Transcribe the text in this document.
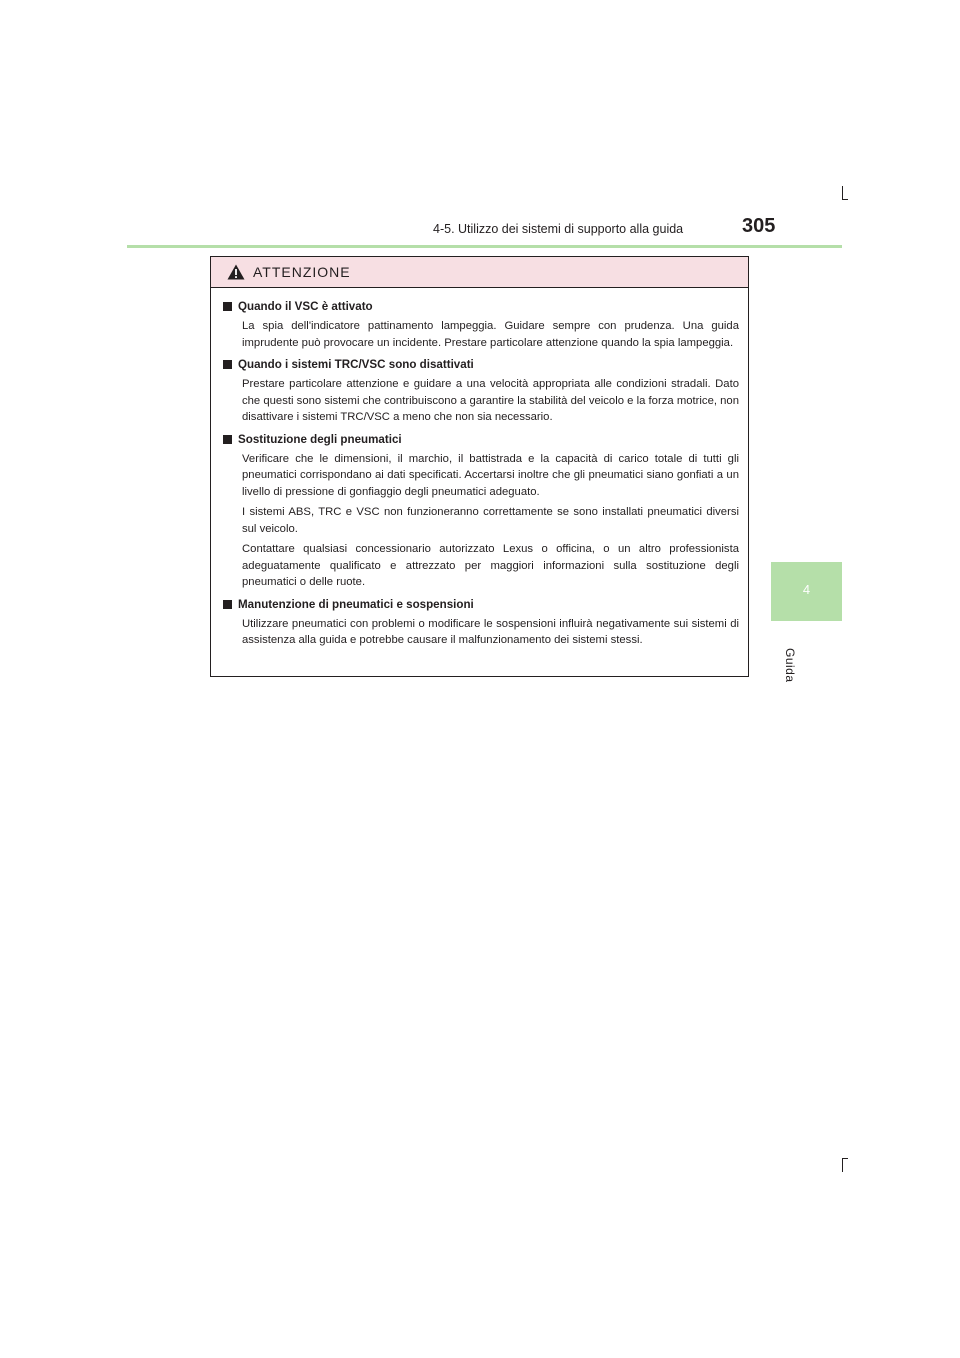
4-5. Utilizzo dei sistemi di supporto alla guida	305
4
Guida
ATTENZIONE
Quando il VSC è attivato
La spia dell'indicatore pattinamento lampeggia. Guidare sempre con prudenza. Una guida imprudente può provocare un incidente. Prestare particolare attenzione quando la spia lampeggia.
Quando i sistemi TRC/VSC sono disattivati
Prestare particolare attenzione e guidare a una velocità appropriata alle condizioni stradali. Dato che questi sono sistemi che contribuiscono a garantire la stabilità del veicolo e la forza motrice, non disattivare i sistemi TRC/VSC a meno che non sia necessario.
Sostituzione degli pneumatici
Verificare che le dimensioni, il marchio, il battistrada e la capacità di carico totale di tutti gli pneumatici corrispondano ai dati specificati. Accertarsi inoltre che gli pneumatici siano gonfiati a un livello di pressione di gonfiaggio degli pneumatici adeguato.
I sistemi ABS, TRC e VSC non funzioneranno correttamente se sono installati pneumatici diversi sul veicolo.
Contattare qualsiasi concessionario autorizzato Lexus o officina, o un altro professionista adeguatamente qualificato e attrezzato per maggiori informazioni sulla sostituzione degli pneumatici o delle ruote.
Manutenzione di pneumatici e sospensioni
Utilizzare pneumatici con problemi o modificare le sospensioni influirà negativamente sui sistemi di assistenza alla guida e potrebbe causare il malfunzionamento dei sistemi stessi.
